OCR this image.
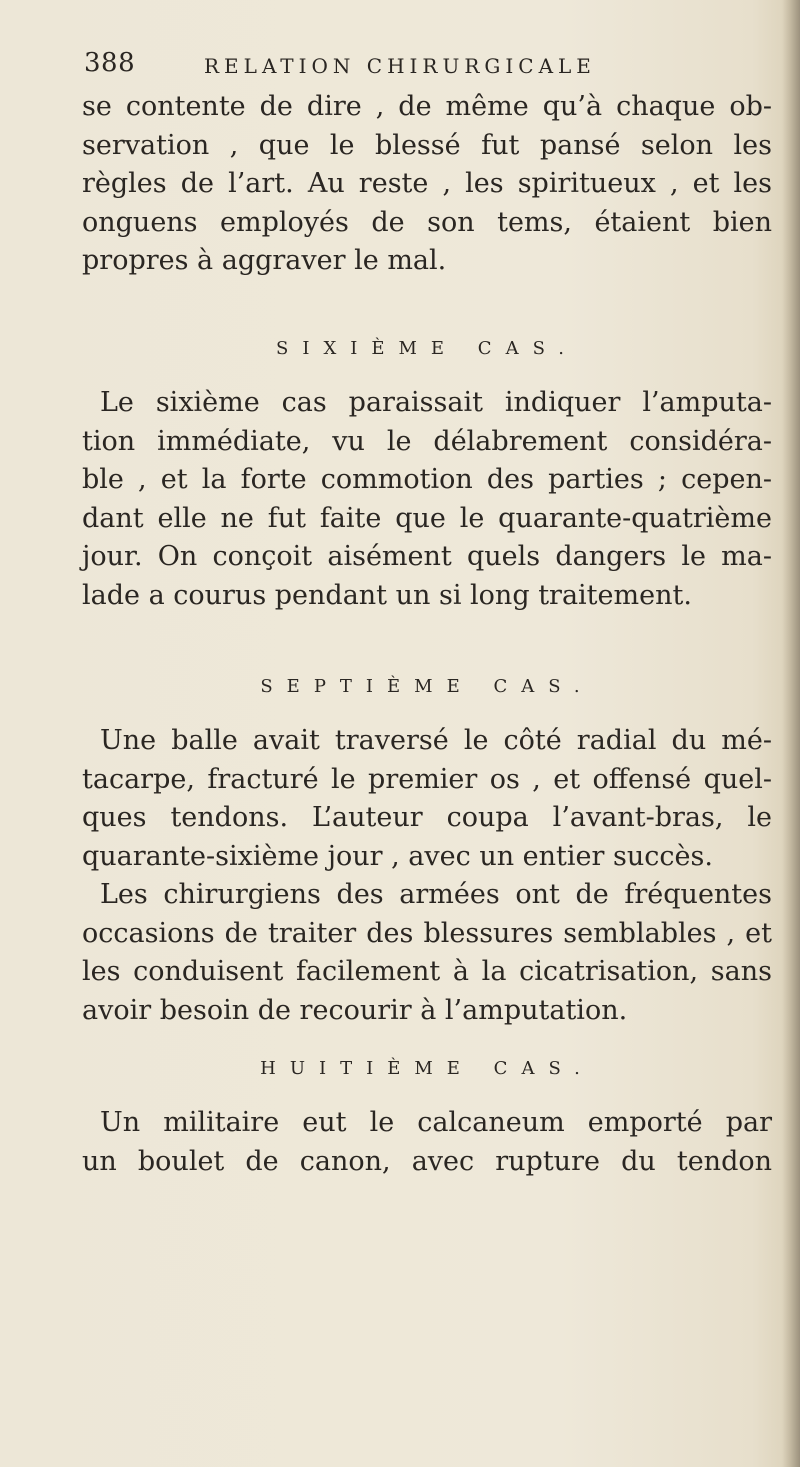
388	RELATION CHIRURGICALE
se contente de dire , de même qu’à chaque ob-
servation , que le blessé fut pansé selon les
règles de l’art. Au reste , les spiritueux , et les
onguens employés de son tems, étaient bien
propres à aggraver le mal.
SIXIÈME CAS.
Le sixième cas paraissait indiquer l’amputa-
tion immédiate, vu le délabrement considéra-
ble , et la forte commotion des parties ; cepen-
dant elle ne fut faite que le quarante-quatrième
jour. On conçoit aisément quels dangers le ma-
lade a courus pendant un si long traitement.
SEPTIÈME CAS.
Une balle avait traversé le côté radial du mé-
tacarpe, fracturé le premier os , et offensé quel-
ques tendons. L’auteur coupa l’avant-bras, le
quarante-sixième jour , avec un entier succès.
Les chirurgiens des armées ont de fréquentes
occasions de traiter des blessures semblables , et
les conduisent facilement à la cicatrisation, sans
avoir besoin de recourir à l’amputation.
HUITIÈME CAS.
Un militaire eut le calcaneum emporté par
un boulet de canon, avec rupture du tendon
